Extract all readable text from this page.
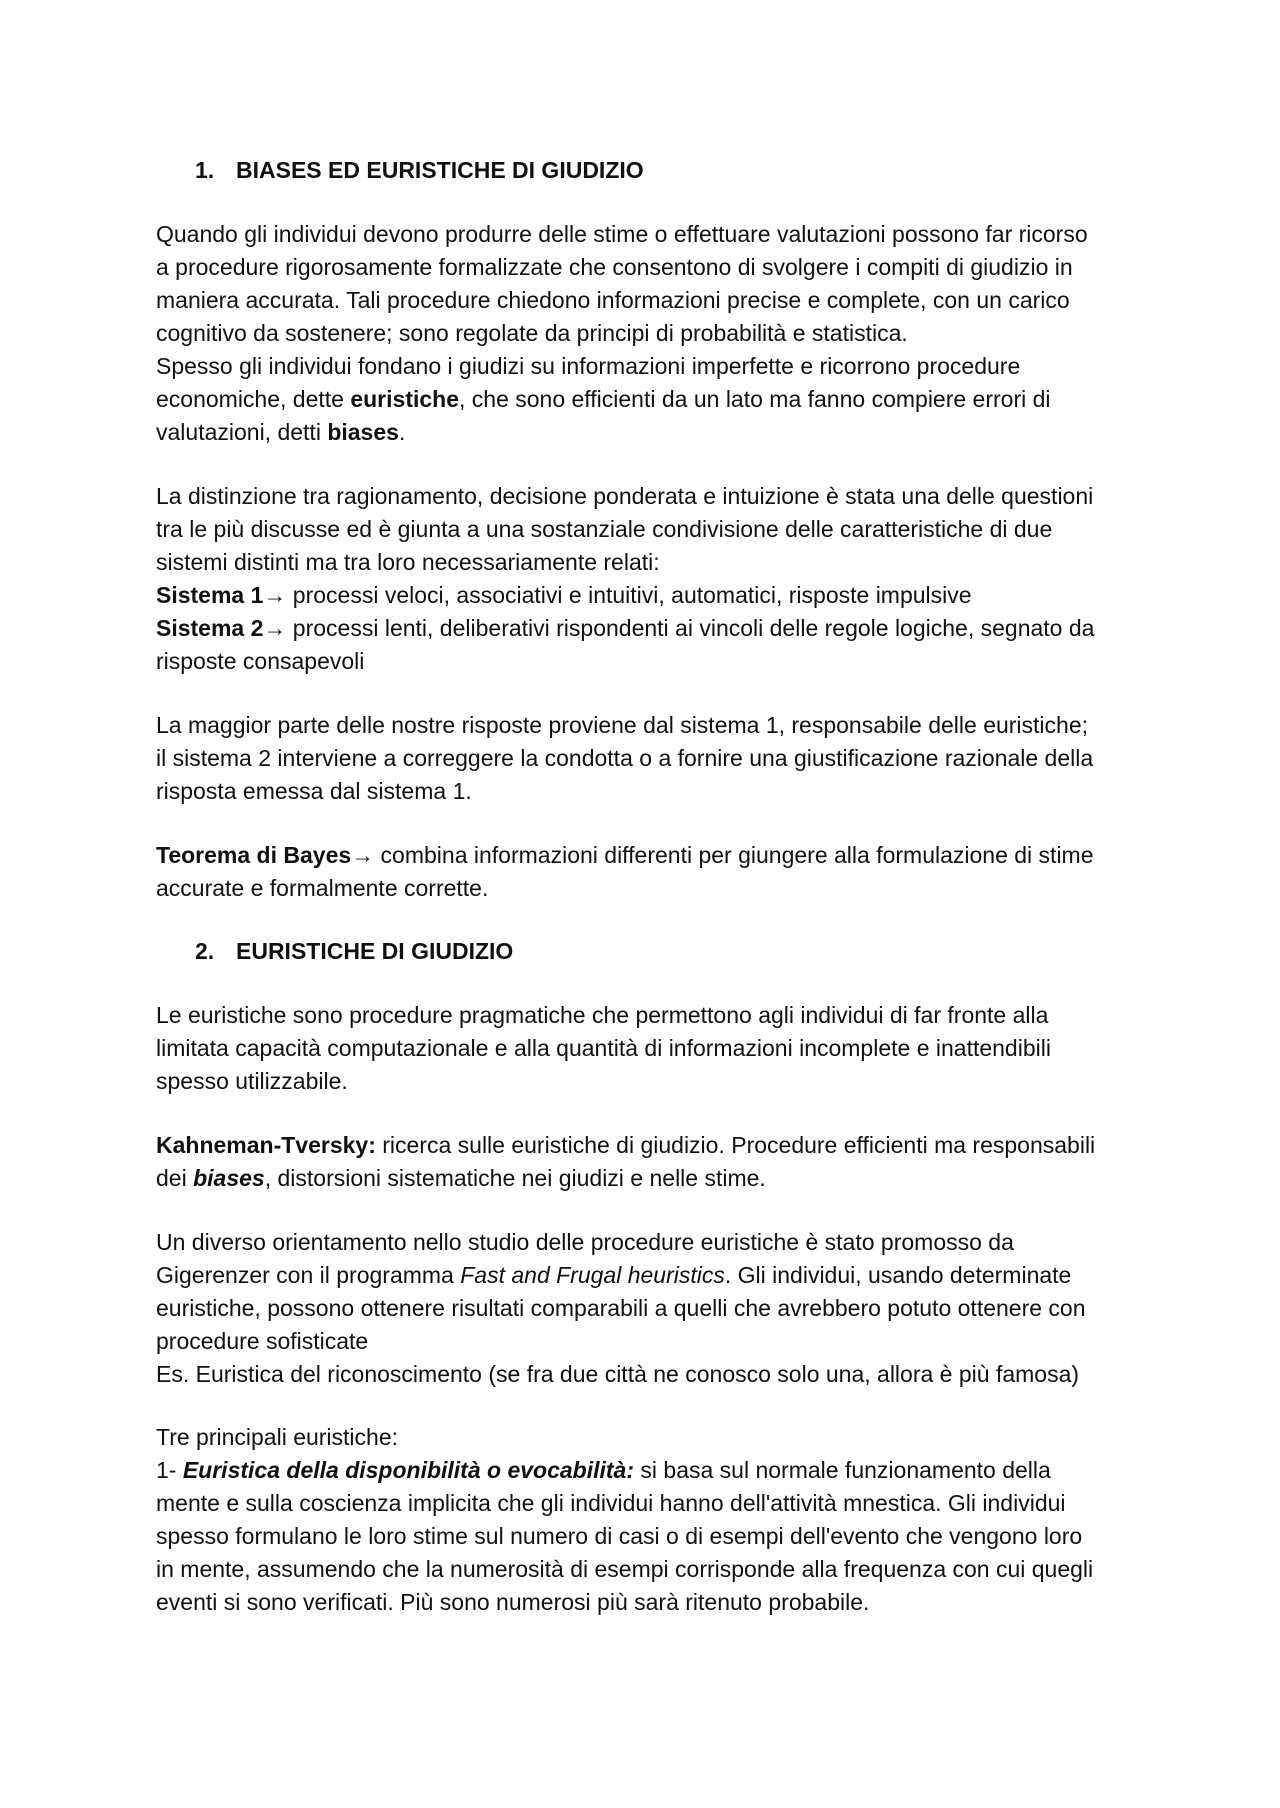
1. BIASES ED EURISTICHE DI GIUDIZIO
Quando gli individui devono produrre delle stime o effettuare valutazioni possono far ricorso
a procedure rigorosamente formalizzate che consentono di svolgere i compiti di giudizio in
maniera accurata. Tali procedure chiedono informazioni precise e complete, con un carico
cognitivo da sostenere; sono regolate da principi di probabilità e statistica.
Spesso gli individui fondano i giudizi su informazioni imperfette e ricorrono procedure
economiche, dette euristiche, che sono efficienti da un lato ma fanno compiere errori di
valutazioni, detti biases.
La distinzione tra ragionamento, decisione ponderata e intuizione è stata una delle questioni
tra le più discusse ed è giunta a una sostanziale condivisione delle caratteristiche di due
sistemi distinti ma tra loro necessariamente relati:
Sistema 1→ processi veloci, associativi e intuitivi, automatici, risposte impulsive
Sistema 2→ processi lenti, deliberativi rispondenti ai vincoli delle regole logiche, segnato da
risposte consapevoli
La maggior parte delle nostre risposte proviene dal sistema 1, responsabile delle euristiche;
il sistema 2 interviene a correggere la condotta o a fornire una giustificazione razionale della
risposta emessa dal sistema 1.
Teorema di Bayes→ combina informazioni differenti per giungere alla formulazione di stime
accurate e formalmente corrette.
2. EURISTICHE DI GIUDIZIO
Le euristiche sono procedure pragmatiche che permettono agli individui di far fronte alla
limitata capacità computazionale e alla quantità di informazioni incomplete e inattendibili
spesso utilizzabile.
Kahneman-Tversky: ricerca sulle euristiche di giudizio. Procedure efficienti ma responsabili
dei biases, distorsioni sistematiche nei giudizi e nelle stime.
Un diverso orientamento nello studio delle procedure euristiche è stato promosso da
Gigerenzer con il programma Fast and Frugal heuristics. Gli individui, usando determinate
euristiche, possono ottenere risultati comparabili a quelli che avrebbero potuto ottenere con
procedure sofisticate
Es. Euristica del riconoscimento (se fra due città ne conosco solo una, allora è più famosa)
Tre principali euristiche:
1- Euristica della disponibilità o evocabilità: si basa sul normale funzionamento della
mente e sulla coscienza implicita che gli individui hanno dell'attività mnestica. Gli individui
spesso formulano le loro stime sul numero di casi o di esempi dell'evento che vengono loro
in mente, assumendo che la numerosità di esempi corrisponde alla frequenza con cui quegli
eventi si sono verificati. Più sono numerosi più sarà ritenuto probabile.
